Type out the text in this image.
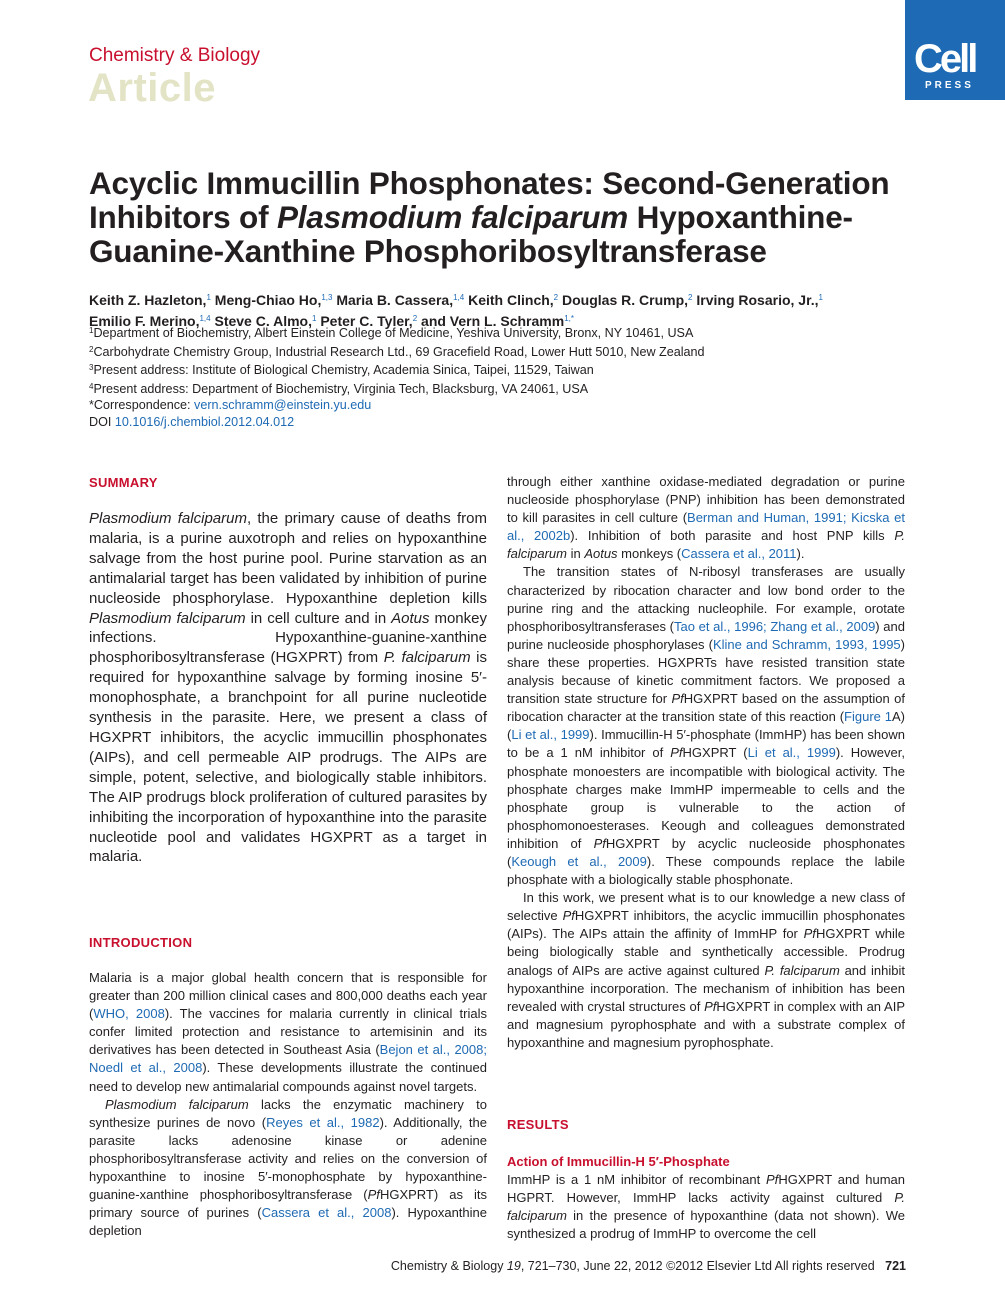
Chemistry & Biology
Article
Cell
PRESS
Acyclic Immucillin Phosphonates: Second-Generation Inhibitors of Plasmodium falciparum Hypoxanthine-Guanine-Xanthine Phosphoribosyltransferase
Keith Z. Hazleton,$^1$ Meng-Chiao Ho,$^{1,3}$ Maria B. Cassera,$^{1,4}$ Keith Clinch,$^2$ Douglas R. Crump,$^2$ Irving Rosario, Jr.,$^1$
Emilio F. Merino,$^{1,4}$ Steve C. Almo,$^1$ Peter C. Tyler,$^2$ and Vern L. Schramm$^{1,*}$
$^1$Department of Biochemistry, Albert Einstein College of Medicine, Yeshiva University, Bronx, NY 10461, USA
$^2$Carbohydrate Chemistry Group, Industrial Research Ltd., 69 Gracefield Road, Lower Hutt 5010, New Zealand
$^3$Present address: Institute of Biological Chemistry, Academia Sinica, Taipei, 11529, Taiwan
$^4$Present address: Department of Biochemistry, Virginia Tech, Blacksburg, VA 24061, USA
*Correspondence: vern.schramm@einstein.yu.edu
DOI 10.1016/j.chembiol.2012.04.012
SUMMARY
Plasmodium falciparum, the primary cause of deaths from malaria, is a purine auxotroph and relies on hypoxanthine salvage from the host purine pool. Purine starvation as an antimalarial target has been validated by inhibition of purine nucleoside phosphorylase. Hypoxanthine depletion kills Plasmodium falciparum in cell culture and in Aotus monkey infections. Hypoxanthine-guanine-xanthine phosphoribosyltransferase (HGXPRT) from P. falciparum is required for hypoxanthine salvage by forming inosine 5′-monophosphate, a branchpoint for all purine nucleotide synthesis in the parasite. Here, we present a class of HGXPRT inhibitors, the acyclic immucillin phosphonates (AIPs), and cell permeable AIP prodrugs. The AIPs are simple, potent, selective, and biologically stable inhibitors. The AIP prodrugs block proliferation of cultured parasites by inhibiting the incorporation of hypoxanthine into the parasite nucleotide pool and validates HGXPRT as a target in malaria.
INTRODUCTION

Malaria is a major global health concern that is responsible for greater than 200 million clinical cases and 800,000 deaths each year (WHO, 2008). The vaccines for malaria currently in clinical trials confer limited protection and resistance to artemisinin and its derivatives has been detected in Southeast Asia (Bejon et al., 2008; Noedl et al., 2008). These developments illustrate the continued need to develop new antimalarial compounds against novel targets.

Plasmodium falciparum lacks the enzymatic machinery to synthesize purines de novo (Reyes et al., 1982). Additionally, the parasite lacks adenosine kinase or adenine phosphoribosyltransferase activity and relies on the conversion of hypoxanthine to inosine 5′-monophosphate by hypoxanthine-guanine-xanthine phosphoribosyltransferase (PfHGXPRT) as its primary source of purines (Cassera et al., 2008). Hypoxanthine depletion

through either xanthine oxidase-mediated degradation or purine nucleoside phosphorylase (PNP) inhibition has been demonstrated to kill parasites in cell culture (Berman and Human, 1991; Kicska et al., 2002b). Inhibition of both parasite and host PNP kills P. falciparum in Aotus monkeys (Cassera et al., 2011).

The transition states of N-ribosyl transferases are usually characterized by ribocation character and low bond order to the purine ring and the attacking nucleophile. For example, orotate phosphoribosyltransferases (Tao et al., 1996; Zhang et al., 2009) and purine nucleoside phosphorylases (Kline and Schramm, 1993, 1995) share these properties. HGXPRTs have resisted transition state analysis because of kinetic commitment factors. We proposed a transition state structure for PfHGXPRT based on the assumption of ribocation character at the transition state of this reaction (Figure 1A) (Li et al., 1999). Immucillin-H 5′-phosphate (ImmHP) has been shown to be a 1 nM inhibitor of PfHGXPRT (Li et al., 1999). However, phosphate monoesters are incompatible with biological activity. The phosphate charges make ImmHP impermeable to cells and the phosphate group is vulnerable to the action of phosphomonoesterases. Keough and colleagues demonstrated inhibition of PfHGXPRT by acyclic nucleoside phosphonates (Keough et al., 2009). These compounds replace the labile phosphate with a biologically stable phosphonate.

In this work, we present what is to our knowledge a new class of selective PfHGXPRT inhibitors, the acyclic immucillin phosphonates (AIPs). The AIPs attain the affinity of ImmHP for PfHGXPRT while being biologically stable and synthetically accessible. Prodrug analogs of AIPs are active against cultured P. falciparum and inhibit hypoxanthine incorporation. The mechanism of inhibition has been revealed with crystal structures of PfHGXPRT in complex with an AIP and magnesium pyrophosphate and with a substrate complex of hypoxanthine and magnesium pyrophosphate.

RESULTS
Action of Immucillin-H 5′-Phosphate

ImmHP is a 1 nM inhibitor of recombinant PfHGXPRT and human HGPRT. However, ImmHP lacks activity against cultured P. falciparum in the presence of hypoxanthine (data not shown). We synthesized a prodrug of ImmHP to overcome the cell

Chemistry & Biology 19, 721–730, June 22, 2012 ©2012 Elsevier Ltd All rights reserved 721
